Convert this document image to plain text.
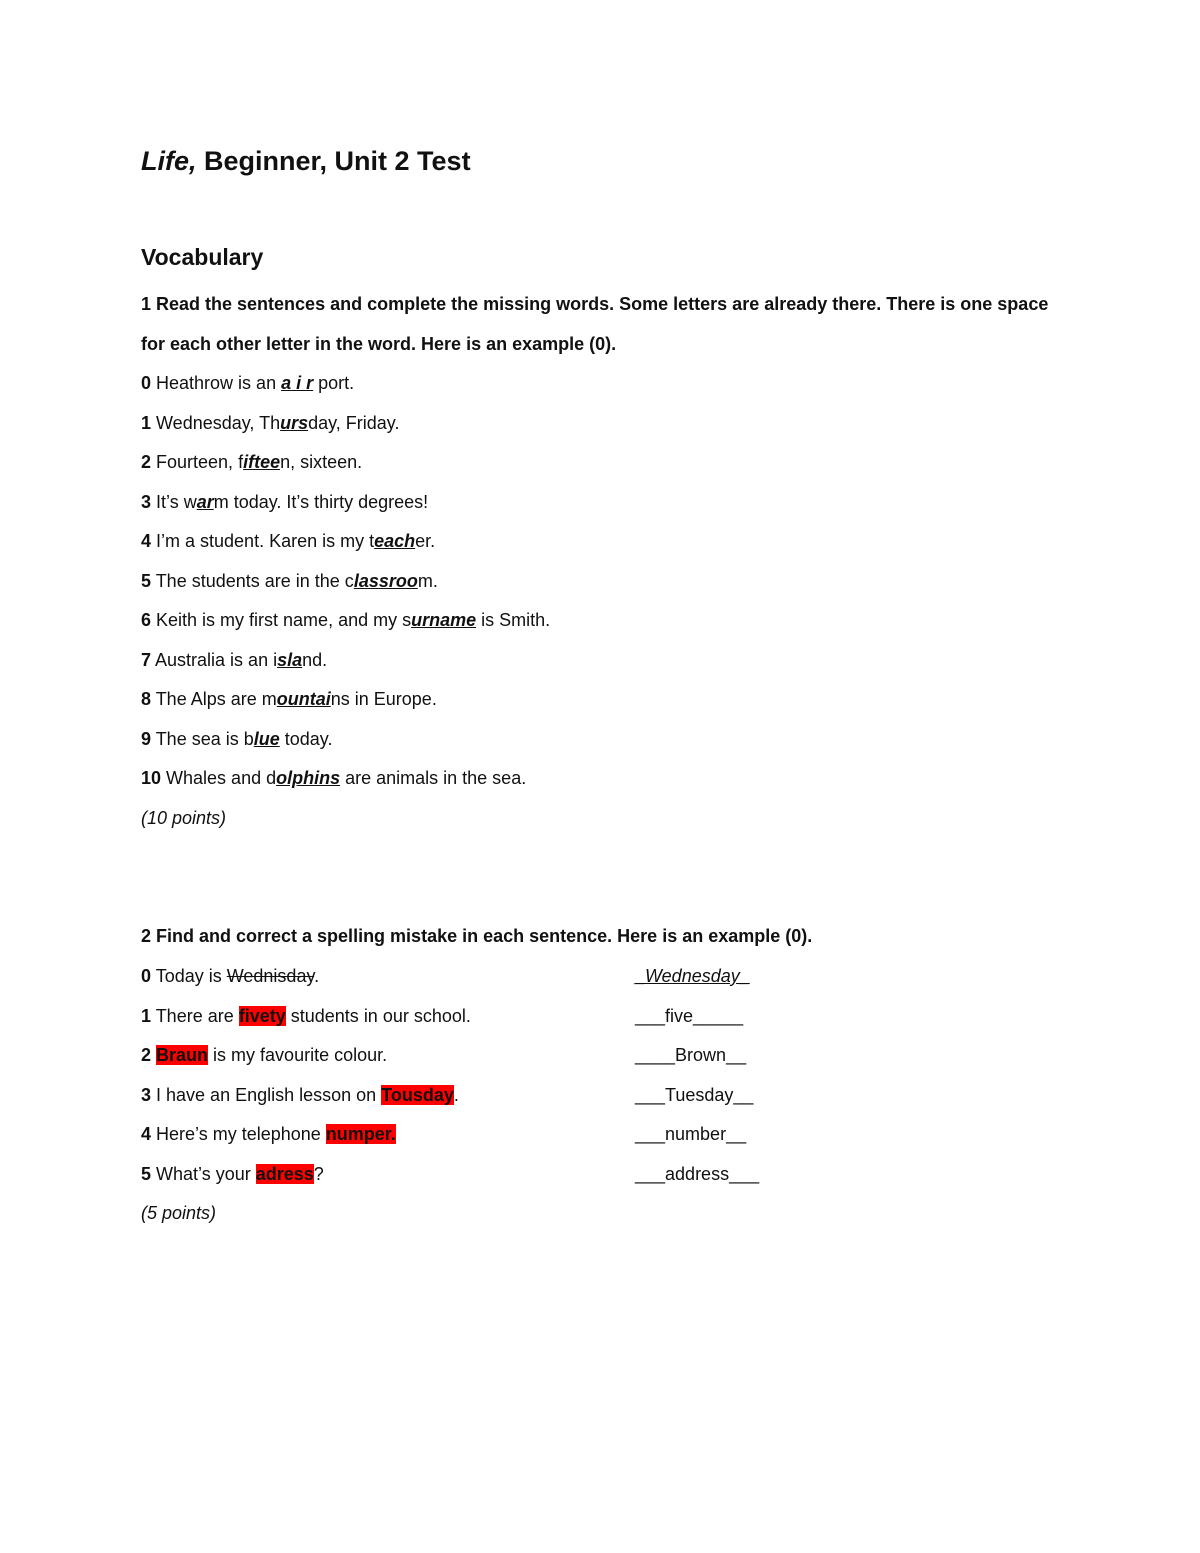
Life, Beginner, Unit 2 Test
Vocabulary
1 Read the sentences and complete the missing words. Some letters are already there. There is one space for each other letter in the word. Here is an example (0).
0 Heathrow is an a i r port.
1 Wednesday, Thursday, Friday.
2 Fourteen, fifteen, sixteen.
3 It’s warm today. It’s thirty degrees!
4 I’m a student. Karen is my teacher.
5 The students are in the classroom.
6 Keith is my first name, and my surname is Smith.
7 Australia is an island.
8 The Alps are mountains in Europe.
9 The sea is blue today.
10 Whales and dolphins are animals in the sea.
(10 points)
2 Find and correct a spelling mistake in each sentence. Here is an example (0).
0 Today is Wednisday.	_Wednesday_
1 There are fivety students in our school.	___five_____
2 Braun is my favourite colour.	____Brown__
3 I have an English lesson on Tousday.	___Tuesday__
4 Here’s my telephone numper.	___number__
5 What’s your adress?	___address___
(5 points)
